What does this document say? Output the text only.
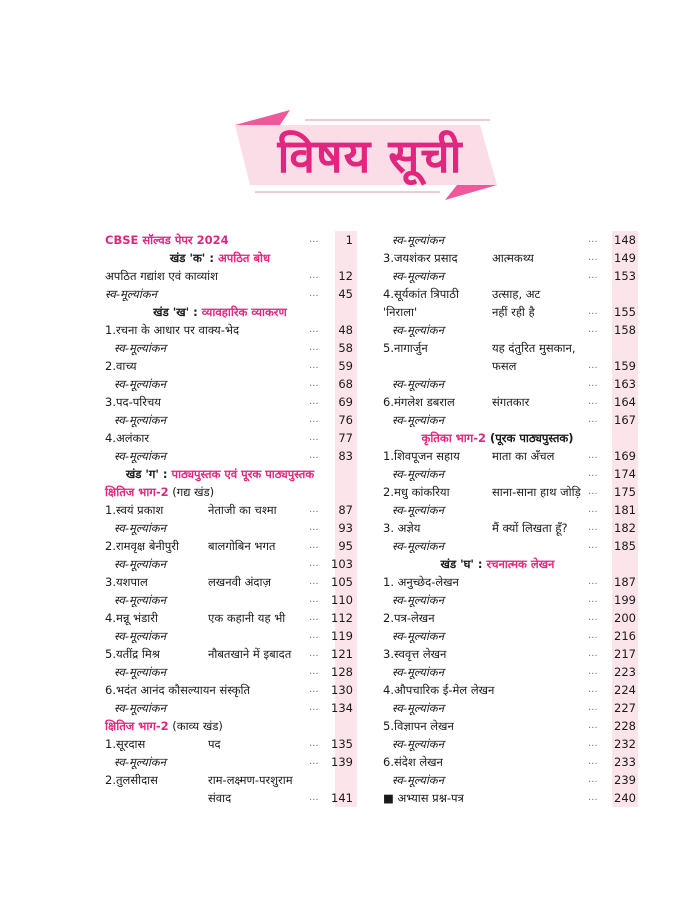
विषय सूची
CBSE सॉल्वड पेपर 2024	... 1
खंड 'क' : अपठित बोध
अपठित गद्यांश एवं काव्यांश	... 12
स्व-मूल्यांकन	... 45
खंड 'ख' : व्यावहारिक व्याकरण
1.रचना के आधार पर वाक्य-भेद	... 48
स्व-मूल्यांकन	... 58
2.वाच्य	... 59
स्व-मूल्यांकन	... 68
3.पद-परिचय	... 69
स्व-मूल्यांकन	... 76
4.अलंकार	... 77
स्व-मूल्यांकन	... 83
खंड 'ग' : पाठ्यपुस्तक एवं पूरक पाठ्यपुस्तक
क्षितिज भाग-2 (गद्य खंड)
1.स्वयं प्रकाश	नेताजी का चश्मा	... 87
स्व-मूल्यांकन	... 93
2.रामवृक्ष बेनीपुरी	बालगोबिन भगत	... 95
स्व-मूल्यांकन	... 103
3.यशपाल	लखनवी अंदाज़	... 105
स्व-मूल्यांकन	... 110
4.मन्नू भंडारी	एक कहानी यह भी ... 112
स्व-मूल्यांकन	... 119
5.यतींद्र मिश्र	नौबतखाने में इबादत ... 121
स्व-मूल्यांकन	... 128
6.भदंत आनंद कौसल्यायन संस्कृति	... 130
स्व-मूल्यांकन	... 134
क्षितिज भाग-2 (काव्य खंड)
1.सूरदास	पद	... 135
स्व-मूल्यांकन	... 139
2.तुलसीदास	राम-लक्ष्मण-परशुराम
संवाद	... 141
स्व-मूल्यांकन	... 148
3.जयशंकर प्रसाद	आत्मकथ्य	... 149
स्व-मूल्यांकन	... 153
4.सूर्यकांत त्रिपाठी	उत्साह, अट
'निराला'	नहीं रही है	... 155
स्व-मूल्यांकन	... 158
5.नागार्जुन	यह दंतुरित मुसकान,
फसल	... 159
स्व-मूल्यांकन	... 163
6.मंगलेश डबराल	संगतकार	... 164
स्व-मूल्यांकन	... 167
कृतिका भाग-2 (पूरक पाठ्यपुस्तक)
1.शिवपूजन सहाय	माता का अँचल	... 169
स्व-मूल्यांकन	... 174
2.मधु कांकरिया	साना-साना हाथ जोड़ि ... 175
स्व-मूल्यांकन	... 181
3. अज्ञेय	मैं क्यों लिखता हूँ? ... 182
स्व-मूल्यांकन	... 185
खंड 'घ' : रचनात्मक लेखन
1. अनुच्छेद-लेखन	... 187
स्व-मूल्यांकन	... 199
2.पत्र-लेखन	... 200
स्व-मूल्यांकन	... 216
3.स्ववृत्त लेखन	... 217
स्व-मूल्यांकन	... 223
4.औपचारिक ई-मेल लेखन	... 224
स्व-मूल्यांकन	... 227
5.विज्ञापन लेखन	... 228
स्व-मूल्यांकन	... 232
6.संदेश लेखन	... 233
स्व-मूल्यांकन	... 239
■ अभ्यास प्रश्न-पत्र	... 240
